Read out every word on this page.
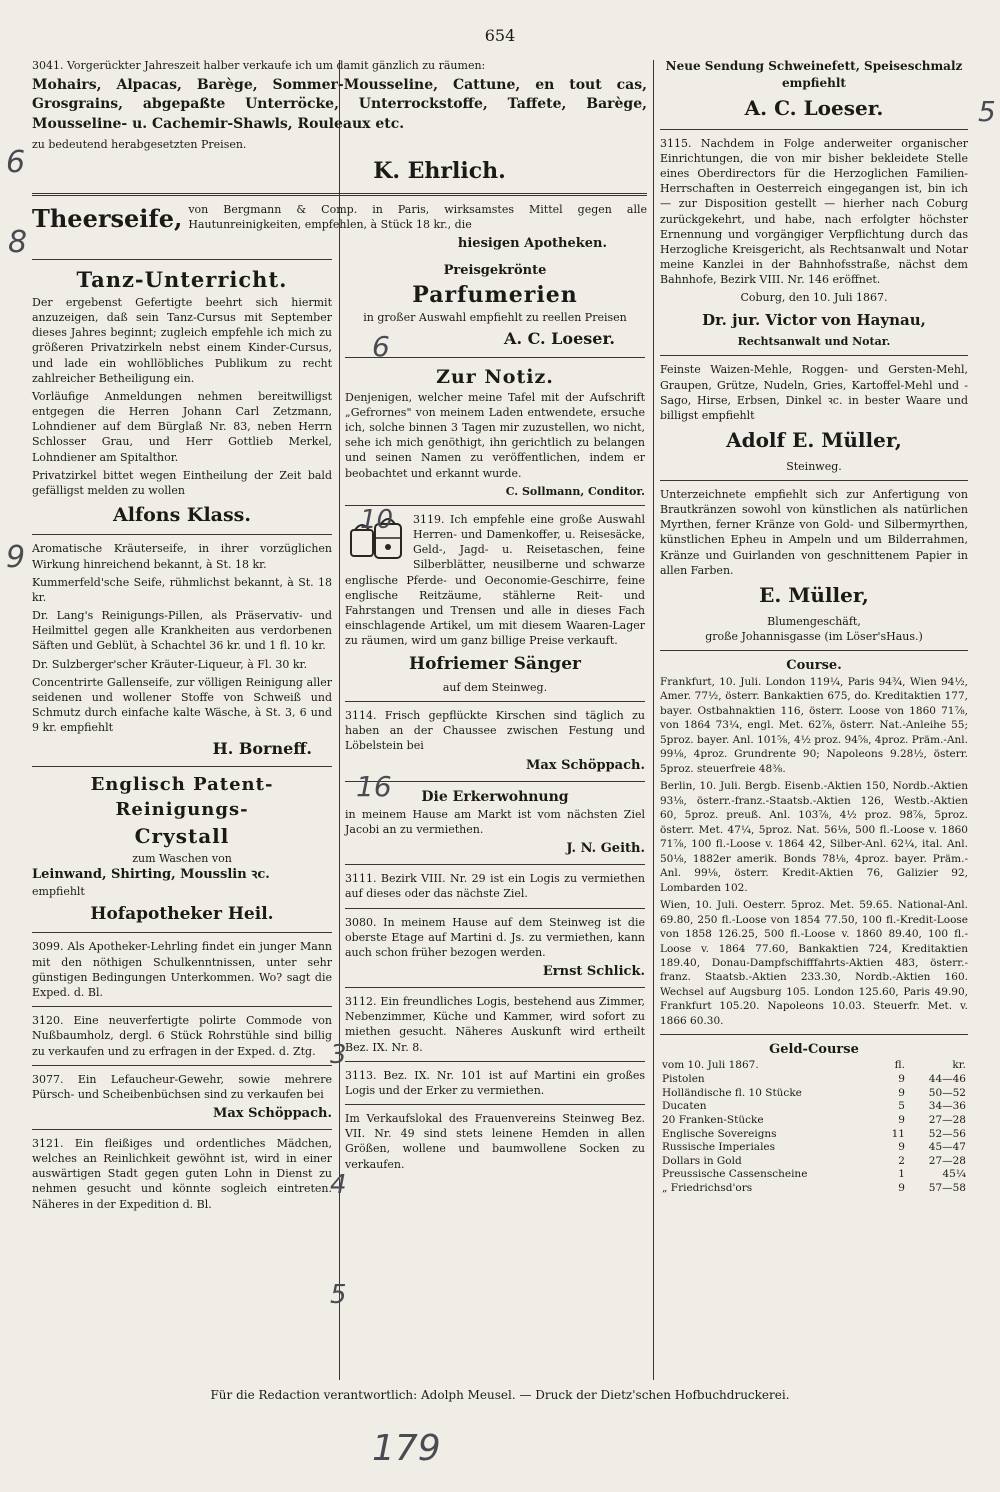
654

3041. Vorgerückter Jahreszeit halber verkaufe ich um damit gänzlich zu räumen:

Mohairs, Alpacas, Barège, Sommer-Mousseline, Cattune, en tout cas, Grosgrains, abgepaßte Unterröcke, Unterrockstoffe, Taffete, Barège, Mousseline- u. Cachemir-Shawls, Rouleaux etc.

zu bedeutend herabgesetzten Preisen.

K. Ehrlich.
Theerseife, von Bergmann & Comp. in Paris, wirksamstes Mittel gegen alle Hautunreinigkeiten, empfehlen, à Stück 18 kr., die

hiesigen Apotheken.
Tanz-Unterricht.

Der ergebenst Gefertigte beehrt sich hiermit anzuzeigen, daß sein Tanz-Cursus mit September dieses Jahres beginnt; zugleich empfehle ich mich zu größeren Privatzirkeln nebst einem Kinder-Cursus, und lade ein wohllöbliches Publikum zu recht zahlreicher Betheiligung ein.

Vorläufige Anmeldungen nehmen bereitwilligst entgegen die Herren Johann Carl Zetzmann, Lohndiener auf dem Bürglaß Nr. 83, neben Herrn Schlosser Grau, und Herr Gottlieb Merkel, Lohndiener am Spitalthor.

Privatzirkel bittet wegen Eintheilung der Zeit bald gefälligst melden zu wollen

Alfons Klass.

Aromatische Kräuterseife, in ihrer vorzüglichen Wirkung hinreichend bekannt, à St. 18 kr.

Kummerfeld'sche Seife, rühmlichst bekannt, à St. 18 kr.

Dr. Lang's Reinigungs-Pillen, als Präservativ- und Heilmittel gegen alle Krankheiten aus verdorbenen Säften und Geblüt, à Schachtel 36 kr. und 1 fl. 10 kr.

Dr. Sulzberger'scher Kräuter-Liqueur, à Fl. 30 kr.

Concentrirte Gallenseife, zur völligen Reinigung aller seidenen und wollener Stoffe von Schweiß und Schmutz durch einfache kalte Wäsche, à St. 3, 6 und 9 kr. empfiehlt

H. Borneff.
Englisch Patent-Reinigungs-
Crystall
zum Waschen von
Leinwand, Shirting, Mousslin ꝛc.
empfiehlt
Hofapotheker Heil.

3099. Als Apotheker-Lehrling findet ein junger Mann mit den nöthigen Schulkenntnissen, unter sehr günstigen Bedingungen Unterkommen. Wo? sagt die Exped. d. Bl.

3120. Eine neuverfertigte polirte Commode von Nußbaumholz, dergl. 6 Stück Rohrstühle sind billig zu verkaufen und zu erfragen in der Exped. d. Ztg.

3077. Ein Lefaucheur-Gewehr, sowie mehrere Pürsch- und Scheibenbüchsen sind zu verkaufen bei

Max Schöppach.

3121. Ein fleißiges und ordentliches Mädchen, welches an Reinlichkeit gewöhnt ist, wird in einer auswärtigen Stadt gegen guten Lohn in Dienst zu nehmen gesucht und könnte sogleich eintreten. Näheres in der Expedition d. Bl.

Preisgekrönte
Parfumerien

in großer Auswahl empfiehlt zu reellen Preisen

A. C. Loeser.
Zur Notiz.

Denjenigen, welcher meine Tafel mit der Aufschrift „Gefrornes" von meinem Laden entwendete, ersuche ich, solche binnen 3 Tagen mir zuzustellen, wo nicht, sehe ich mich genöthigt, ihn gerichtlich zu belangen und seinen Namen zu veröffentlichen, indem er beobachtet und erkannt wurde.

C. Sollmann, Conditor.

3119. Ich empfehle eine große Auswahl Herren- und Damenkoffer, u. Reisesäcke, Geld-, Jagd- u. Reisetaschen, feine Silberblätter, neusilberne und schwarze englische Pferde- und Oeconomie-Geschirre, feine englische Reitzäume, stählerne Reit- und Fahrstangen und Trensen und alle in dieses Fach einschlagende Artikel, um mit diesem Waaren-Lager zu räumen, wird um ganz billige Preise verkauft.

Hofriemer Sänger
auf dem Steinweg.

3114. Frisch gepflückte Kirschen sind täglich zu haben an der Chaussee zwischen Festung und Löbelstein bei

Max Schöppach.
Die Erkerwohnung

in meinem Hause am Markt ist vom nächsten Ziel Jacobi an zu vermiethen.

J. N. Geith.

3111. Bezirk VIII. Nr. 29 ist ein Logis zu vermiethen auf dieses oder das nächste Ziel.

3080. In meinem Hause auf dem Steinweg ist die oberste Etage auf Martini d. Js. zu vermiethen, kann auch schon früher bezogen werden.

Ernst Schlick.

3112. Ein freundliches Logis, bestehend aus Zimmer, Nebenzimmer, Küche und Kammer, wird sofort zu miethen gesucht. Näheres Auskunft wird ertheilt Bez. IX. Nr. 8.

3113. Bez. IX. Nr. 101 ist auf Martini ein großes Logis und der Erker zu vermiethen.

Im Verkaufslokal des Frauenvereins Steinweg Bez. VII. Nr. 49 sind stets leinene Hemden in allen Größen, wollene und baumwollene Socken zu verkaufen.

Neue Sendung Schweinefett, Speiseschmalz empfiehlt

A. C. Loeser.

3115. Nachdem in Folge anderweiter organischer Einrichtungen, die von mir bisher bekleidete Stelle eines Oberdirectors für die Herzoglichen Familien-Herrschaften in Oesterreich eingegangen ist, bin ich — zur Disposition gestellt — hierher nach Coburg zurückgekehrt, und habe, nach erfolgter höchster Ernennung und vorgängiger Verpflichtung durch das Herzogliche Kreisgericht, als Rechtsanwalt und Notar meine Kanzlei in der Bahnhofsstraße, nächst dem Bahnhofe, Bezirk VIII. Nr. 146 eröffnet.

Coburg, den 10. Juli 1867.
Dr. jur. Victor von Haynau,
Rechtsanwalt und Notar.

Feinste Waizen-Mehle, Roggen- und Gersten-Mehl, Graupen, Grütze, Nudeln, Gries, Kartoffel-Mehl und -Sago, Hirse, Erbsen, Dinkel ꝛc. in bester Waare und billigst empfiehlt

Adolf E. Müller,
Steinweg.

Unterzeichnete empfiehlt sich zur Anfertigung von Brautkränzen sowohl von künstlichen als natürlichen Myrthen, ferner Kränze von Gold- und Silbermyrthen, künstlichen Epheu in Ampeln und um Bilderrahmen, Kränze und Guirlanden von geschnittenem Papier in allen Farben.

E. Müller,
Blumengeschäft,
große Johannisgasse (im Löser'sHaus.)
Course.

Frankfurt, 10. Juli. London 119¼, Paris 94¾, Wien 94½, Amer. 77½, österr. Bankaktien 675, do. Kreditaktien 177, bayer. Ostbahnaktien 116, österr. Loose von 1860 71⅞, von 1864 73¼, engl. Met. 62⅞, österr. Nat.-Anleihe 55; 5proz. bayer. Anl. 101⅝, 4½ proz. 94⅝, 4proz. Präm.-Anl. 99⅛, 4proz. Grundrente 90; Napoleons 9.28½, österr. 5proz. steuerfreie 48⅜.

Berlin, 10. Juli. Bergb. Eisenb.-Aktien 150, Nordb.-Aktien 93⅛, österr.-franz.-Staatsb.-Aktien 126, Westb.-Aktien 60, 5proz. preuß. Anl. 103⅞, 4½ proz. 98⅞, 5proz. österr. Met. 47¼, 5proz. Nat. 56⅛, 500 fl.-Loose v. 1860 71⅞, 100 fl.-Loose v. 1864 42, Silber-Anl. 62¼, ital. Anl. 50⅛, 1882er amerik. Bonds 78⅛, 4proz. bayer. Präm.-Anl. 99⅛, österr. Kredit-Aktien 76, Galizier 92, Lombarden 102.

Wien, 10. Juli. Oesterr. 5proz. Met. 59.65. National-Anl. 69.80, 250 fl.-Loose von 1854 77.50, 100 fl.-Kredit-Loose von 1858 126.25, 500 fl.-Loose v. 1860 89.40, 100 fl.-Loose v. 1864 77.60, Bankaktien 724, Kreditaktien 189.40, Donau-Dampfschifffahrts-Aktien 483, österr.-franz. Staatsb.-Aktien 233.30, Nordb.-Aktien 160. Wechsel auf Augsburg 105. London 125.60, Paris 49.90, Frankfurt 105.20. Napoleons 10.03. Steuerfr. Met. v. 1866 60.30.

Geld-Course
vom 10. Juli 1867.	fl.	kr.
Pistolen	9	44—46
Holländische fl. 10 Stücke	9	50—52
Ducaten	5	34—36
20 Franken-Stücke	9	27—28
Englische Sovereigns	11	52—56
Russische Imperiales	9	45—47
Dollars in Gold	2	27—28
Preussische Cassenscheine	1	45¼
„ Friedrichsd'ors	9	57—58
Für die Redaction verantwortlich: Adolph Meusel. — Druck der Dietz'schen Hofbuchdruckerei.
6
8
9
5
6
10
16
3
4
5
179
